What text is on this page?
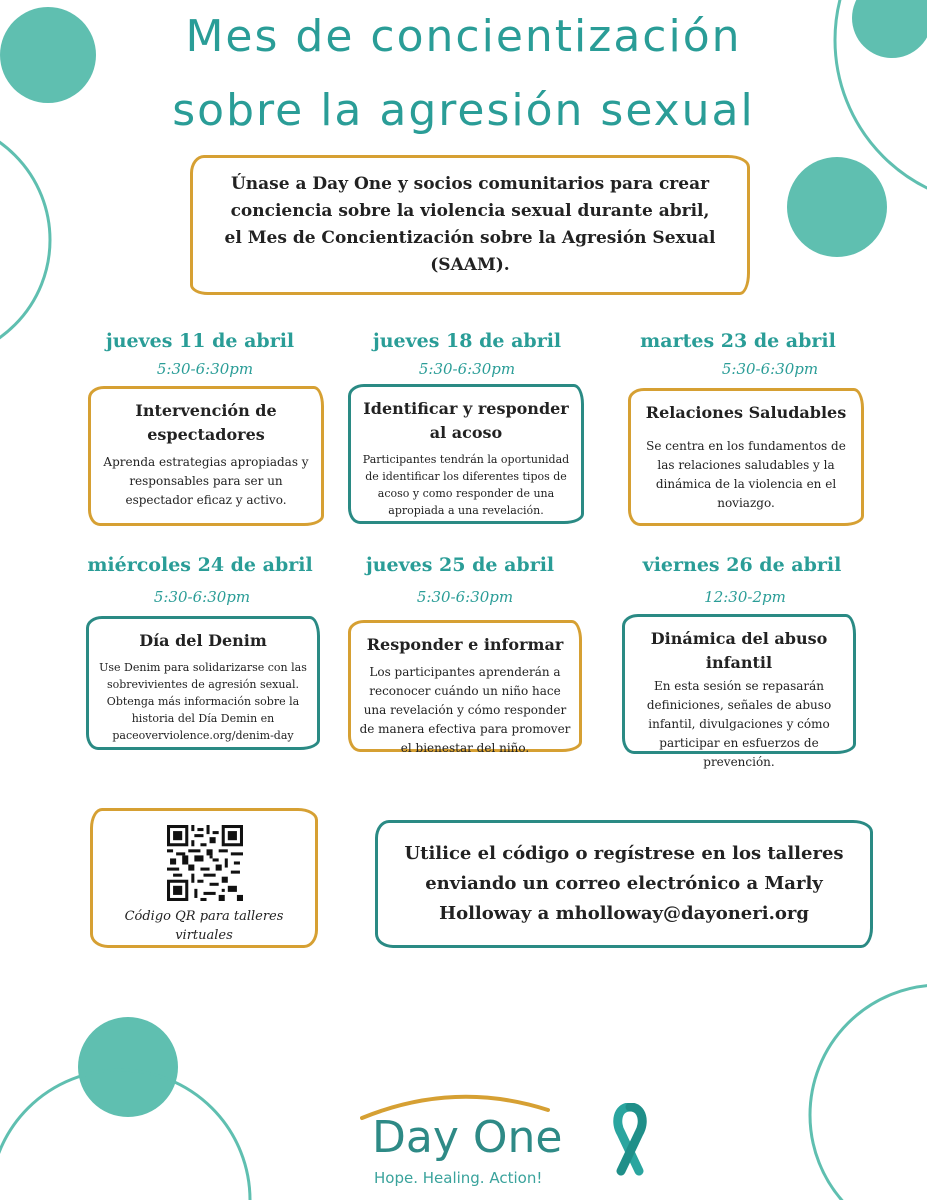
Mes de concientización
sobre la agresión sexual
Únase a Day One y socios comunitarios para crear conciencia sobre la violencia sexual durante abril, el Mes de Concientización sobre la Agresión Sexual (SAAM).
jueves 11 de abril
5:30-6:30pm
Intervención de espectadores

Aprenda estrategias apropiadas y responsables para ser un espectador eficaz y activo.

jueves 18 de abril
5:30-6:30pm
Identificar y responder al acoso

Participantes tendrán la oportunidad de identificar los diferentes tipos de acoso y como responder de una apropiada a una revelación.

martes 23 de abril
5:30-6:30pm
Relaciones Saludables

Se centra en los fundamentos de las relaciones saludables y la dinámica de la violencia en el noviazgo.

miércoles 24 de abril
5:30-6:30pm
Día del Denim

Use Denim para solidarizarse con las sobrevivientes de agresión sexual. Obtenga más información sobre la historia del Día Demin en paceoverviolence.org/denim-day

jueves 25 de abril
5:30-6:30pm
Responder e informar

Los participantes aprenderán a reconocer cuándo un niño hace una revelación y cómo responder de manera efectiva para promover el bienestar del niño.

viernes 26 de abril
12:30-2pm
Dinámica del abuso infantil

En esta sesión se repasarán definiciones, señales de abuso infantil, divulgaciones y cómo participar en esfuerzos de prevención.

Código QR para talleres virtuales
Utilice el código o regístrese en los talleres enviando un correo electrónico a Marly Holloway a mholloway@dayoneri.org
Day One
Hope. Healing. Action!
